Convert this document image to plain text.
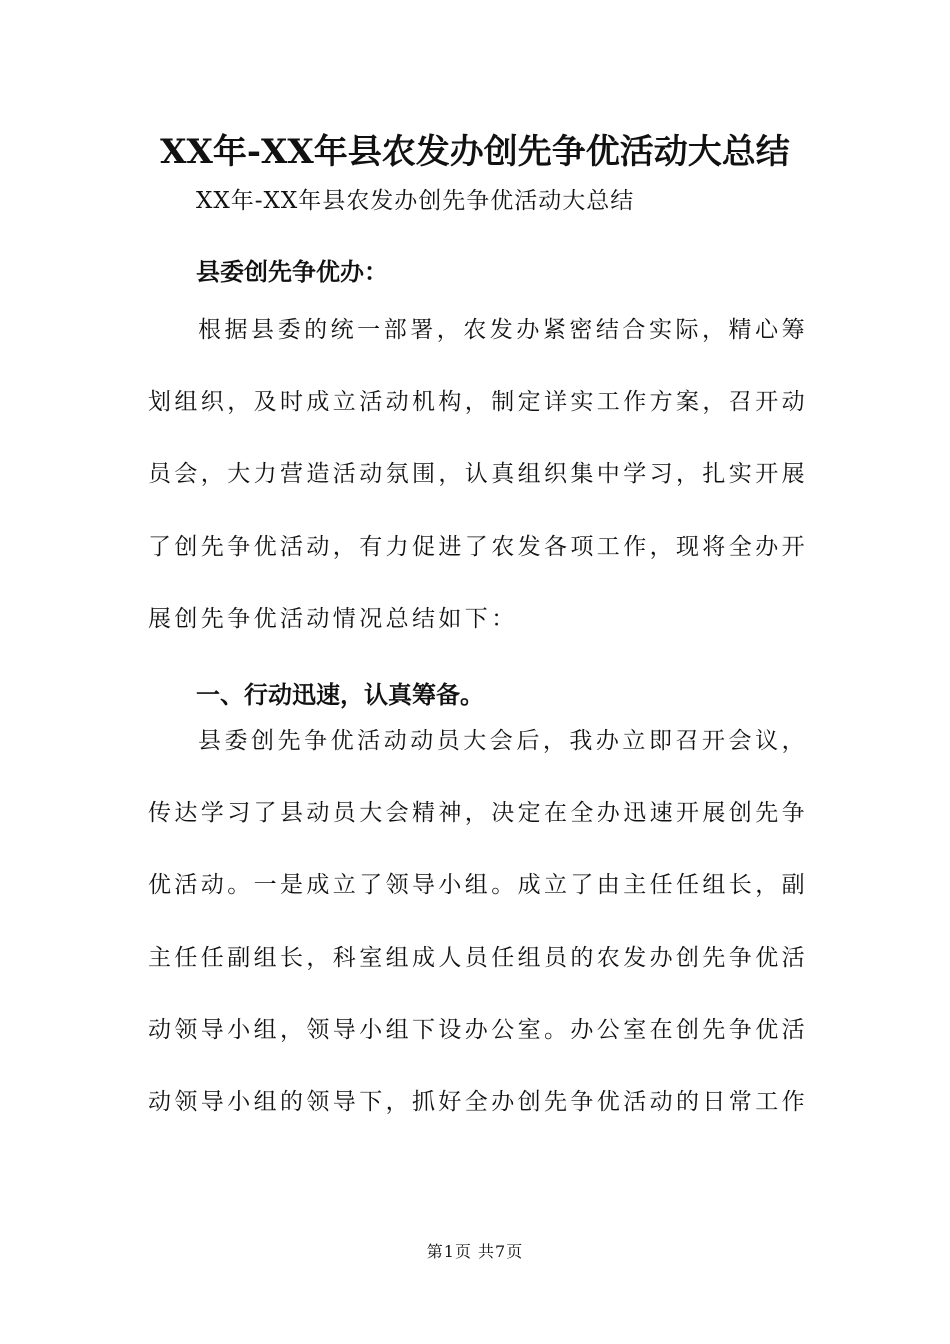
XX年-XX年县农发办创先争优活动大总结
XX年-XX年县农发办创先争优活动大总结
县委创先争优办：

根据县委的统一部署，农发办紧密结合实际，精心筹划组织，及时成立活动机构，制定详实工作方案，召开动员会，大力营造活动氛围，认真组织集中学习，扎实开展了创先争优活动，有力促进了农发各项工作，现将全办开展创先争优活动情况总结如下：

一、行动迅速，认真筹备。

县委创先争优活动动员大会后，我办立即召开会议，传达学习了县动员大会精神，决定在全办迅速开展创先争优活动。一是成立了领导小组。成立了由主任任组长，副主任任副组长，科室组成人员任组员的农发办创先争优活动领导小组，领导小组下设办公室。办公室在创先争优活动领导小组的领导下，抓好全办创先争优活动的日常工作

第1页 共7页
